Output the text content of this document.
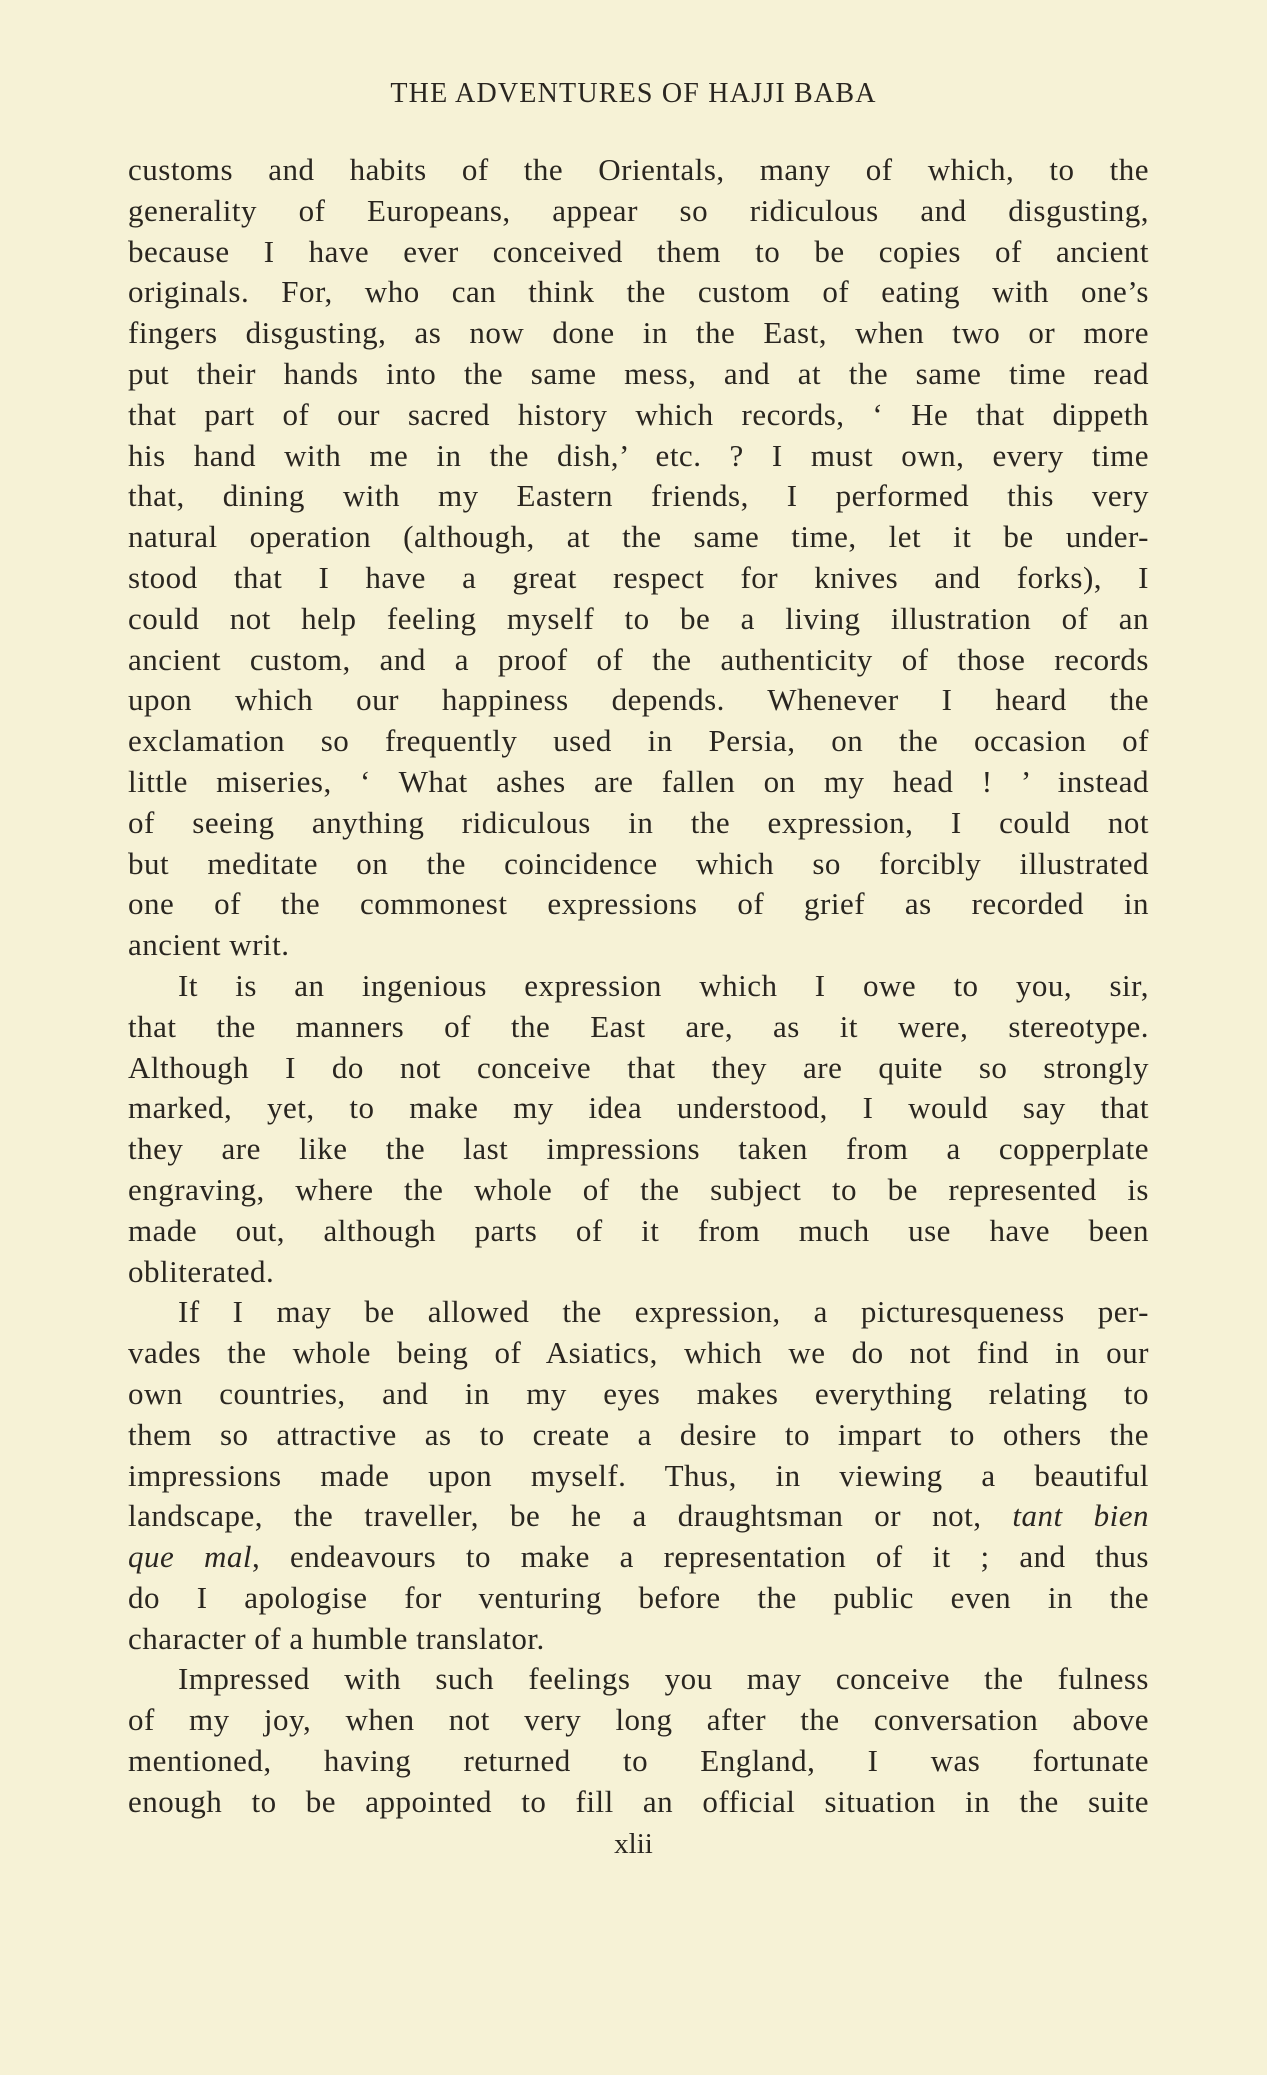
THE ADVENTURES OF HAJJI BABA
customs and habits of the Orientals, many of which, to the
generality of Europeans, appear so ridiculous and disgusting,
because I have ever conceived them to be copies of ancient
originals. For, who can think the custom of eating with one’s
fingers disgusting, as now done in the East, when two or more
put their hands into the same mess, and at the same time read
that part of our sacred history which records, ‘ He that dippeth
his hand with me in the dish,’ etc. ? I must own, every time
that, dining with my Eastern friends, I performed this very
natural operation (although, at the same time, let it be under-
stood that I have a great respect for knives and forks), I
could not help feeling myself to be a living illustration of an
ancient custom, and a proof of the authenticity of those records
upon which our happiness depends. Whenever I heard the
exclamation so frequently used in Persia, on the occasion of
little miseries, ‘ What ashes are fallen on my head ! ’ instead
of seeing anything ridiculous in the expression, I could not
but meditate on the coincidence which so forcibly illustrated
one of the commonest expressions of grief as recorded in
ancient writ.
It is an ingenious expression which I owe to you, sir,
that the manners of the East are, as it were, stereotype.
Although I do not conceive that they are quite so strongly
marked, yet, to make my idea understood, I would say that
they are like the last impressions taken from a copperplate
engraving, where the whole of the subject to be represented is
made out, although parts of it from much use have been
obliterated.
If I may be allowed the expression, a picturesqueness per-
vades the whole being of Asiatics, which we do not find in our
own countries, and in my eyes makes everything relating to
them so attractive as to create a desire to impart to others the
impressions made upon myself. Thus, in viewing a beautiful
landscape, the traveller, be he a draughtsman or not, tant bien
que mal, endeavours to make a representation of it ; and thus
do I apologise for venturing before the public even in the
character of a humble translator.
Impressed with such feelings you may conceive the fulness
of my joy, when not very long after the conversation above
mentioned, having returned to England, I was fortunate
enough to be appointed to fill an official situation in the suite
xlii
